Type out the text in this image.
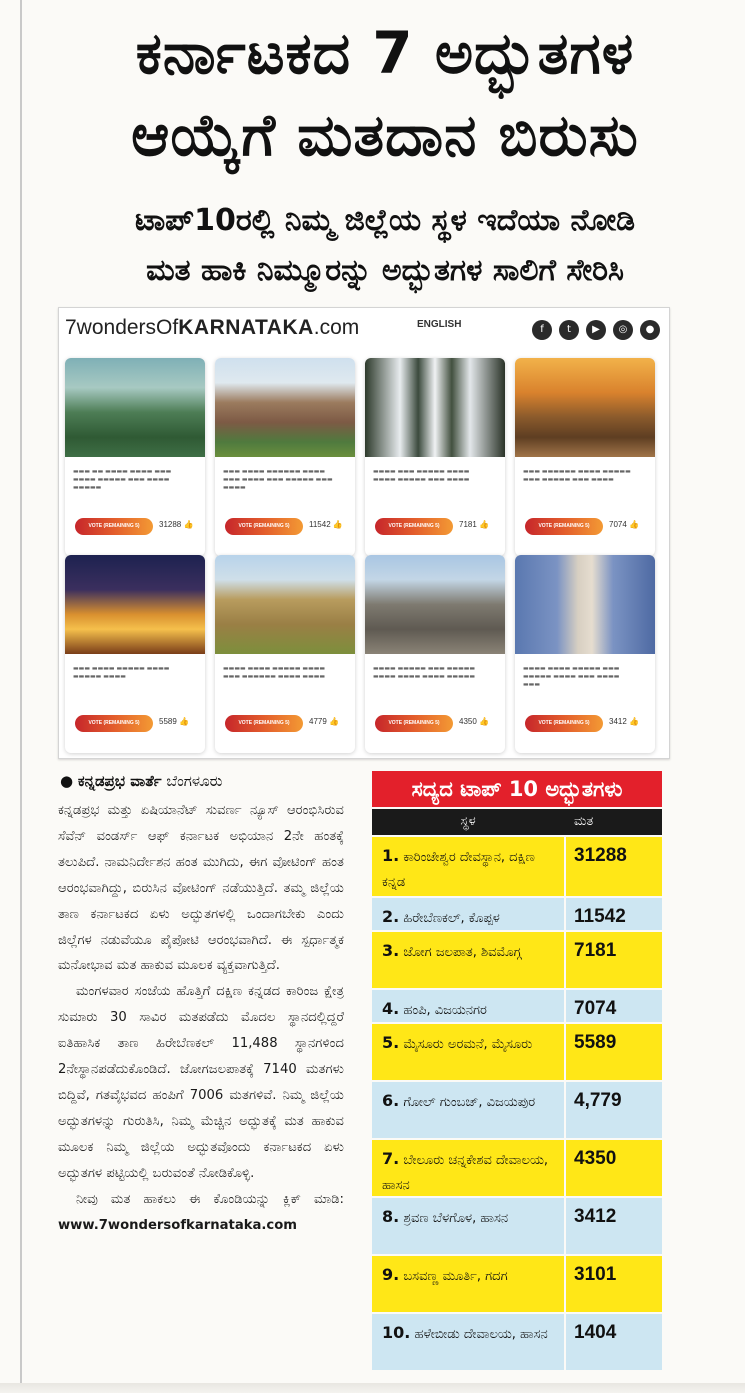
ಕರ್ನಾಟಕದ 7 ಅದ್ಭುತಗಳ
ಆಯ್ಕೆಗೆ ಮತದಾನ ಬಿರುಸು
ಟಾಪ್10ರಲ್ಲಿ ನಿಮ್ಮ ಜಿಲ್ಲೆಯ ಸ್ಥಳ ಇದೆಯಾ ನೋಡಿ
ಮತ ಹಾಕಿ ನಿಮ್ಮೂರನ್ನು ಅದ್ಭುತಗಳ ಸಾಲಿಗೆ ಸೇರಿಸಿ
7wondersOfKARNATAKA.com	ENGLISH	f	t	▶	◎	●
▬▬▬ ▬▬ ▬▬▬▬ ▬▬▬▬ ▬▬▬ ▬▬▬▬ ▬▬▬▬▬ ▬▬▬ ▬▬▬▬ ▬▬▬▬▬
VOTE (REMAINING 5)	31288 👍
▬▬▬ ▬▬▬▬ ▬▬▬▬▬▬ ▬▬▬▬ ▬▬▬ ▬▬▬▬ ▬▬▬ ▬▬▬▬▬ ▬▬▬ ▬▬▬▬
VOTE (REMAINING 5)	11542 👍
▬▬▬▬ ▬▬▬ ▬▬▬▬▬ ▬▬▬▬ ▬▬▬▬ ▬▬▬▬▬ ▬▬▬ ▬▬▬▬
VOTE (REMAINING 5)	7181 👍
▬▬▬ ▬▬▬▬▬▬ ▬▬▬▬ ▬▬▬▬▬ ▬▬▬ ▬▬▬▬▬ ▬▬▬ ▬▬▬▬
VOTE (REMAINING 5)	7074 👍
▬▬▬ ▬▬▬▬ ▬▬▬▬▬ ▬▬▬▬ ▬▬▬▬▬ ▬▬▬▬
VOTE (REMAINING 5)	5589 👍
▬▬▬▬ ▬▬▬▬ ▬▬▬▬▬ ▬▬▬▬ ▬▬▬ ▬▬▬▬▬▬ ▬▬▬▬ ▬▬▬▬
VOTE (REMAINING 5)	4779 👍
▬▬▬▬ ▬▬▬▬▬ ▬▬▬ ▬▬▬▬▬ ▬▬▬▬ ▬▬▬▬ ▬▬▬▬ ▬▬▬▬▬
VOTE (REMAINING 5)	4350 👍
▬▬▬▬ ▬▬▬▬ ▬▬▬▬▬ ▬▬▬ ▬▬▬▬▬ ▬▬▬▬ ▬▬▬ ▬▬▬▬ ▬▬▬
VOTE (REMAINING 5)	3412 👍
● ಕನ್ನಡಪ್ರಭ ವಾರ್ತೆ ಬೆಂಗಳೂರು

ಕನ್ನಡಪ್ರಭ ಮತ್ತು ಏಷಿಯಾನೆಟ್ ಸುವರ್ಣ ನ್ಯೂಸ್ ಆರಂಭಿಸಿರುವ ಸೆವೆನ್ ವಂಡರ್ಸ್ ಆಫ್ ಕರ್ನಾಟಕ ಅಭಿಯಾನ 2ನೇ ಹಂತಕ್ಕೆ ತಲುಪಿದೆ. ನಾಮನಿರ್ದೇಶನ ಹಂತ ಮುಗಿದು, ಈಗ ವೋಟಿಂಗ್ ಹಂತ ಆರಂಭವಾಗಿದ್ದು, ಬಿರುಸಿನ ವೋಟಿಂಗ್ ನಡೆಯುತ್ತಿದೆ. ತಮ್ಮ ಜಿಲ್ಲೆಯ ತಾಣ ಕರ್ನಾಟಕದ ಏಳು ಅದ್ಭುತಗಳಲ್ಲಿ ಒಂದಾಗಬೇಕು ಎಂದು ಜಿಲ್ಲೆಗಳ ನಡುವೆಯೂ ಪೈಪೋಟಿ ಆರಂಭವಾಗಿದೆ. ಈ ಸ್ಪರ್ಧಾತ್ಮಕ ಮನೋಭಾವ ಮತ ಹಾಕುವ ಮೂಲಕ ವ್ಯಕ್ತವಾಗುತ್ತಿದೆ.

ಮಂಗಳವಾರ ಸಂಜೆಯ ಹೊತ್ತಿಗೆ ದಕ್ಷಿಣ ಕನ್ನಡದ ಕಾರಿಂಜ ಕ್ಷೇತ್ರ ಸುಮಾರು 30 ಸಾವಿರ ಮತಪಡೆದು ಮೊದಲ ಸ್ಥಾನದಲ್ಲಿದ್ದರೆ ಐತಿಹಾಸಿಕ ತಾಣ ಹಿರೇಬೆಣಕಲ್ 11,488 ಸ್ಥಾನಗಳಿಂದ 2ನೇಸ್ಥಾನಪಡೆದುಕೊಂಡಿದೆ. ಜೋಗಜಲಪಾತಕ್ಕೆ 7140 ಮತಗಳು ಬಿದ್ದಿವೆ, ಗತವೈಭವದ ಹಂಪಿಗೆ 7006 ಮತಗಳಿವೆ. ನಿಮ್ಮ ಜಿಲ್ಲೆಯ ಅದ್ಭುತಗಳನ್ನು ಗುರುತಿಸಿ, ನಿಮ್ಮ ಮೆಚ್ಚಿನ ಅದ್ಭುತಕ್ಕೆ ಮತ ಹಾಕುವ ಮೂಲಕ ನಿಮ್ಮ ಜಿಲ್ಲೆಯ ಅದ್ಭುತವೊಂದು ಕರ್ನಾಟಕದ ಏಳು ಅದ್ಭುತಗಳ ಪಟ್ಟಿಯಲ್ಲಿ ಬರುವಂತೆ ನೋಡಿಕೊಳ್ಳಿ.

ನೀವು ಮತ ಹಾಕಲು ಈ ಕೊಂಡಿಯನ್ನು ಕ್ಲಿಕ್ ಮಾಡಿ: www.7wondersofkarnataka.com

ಸದ್ಯದ ಟಾಪ್ 10 ಅದ್ಭುತಗಳು
ಸ್ಥಳ	ಮತ
1. ಕಾರಿಂಜೇಶ್ವರ ದೇವಸ್ಥಾನ, ದಕ್ಷಿಣ ಕನ್ನಡ
31288
2. ಹಿರೇಬೆಣಕಲ್, ಕೊಪ್ಪಳ	11542
3. ಜೋಗ ಜಲಪಾತ, ಶಿವಮೊಗ್ಗ	7181
4. ಹಂಪಿ, ವಿಜಯನಗರ	7074
5. ಮೈಸೂರು ಅರಮನೆ, ಮೈಸೂರು	5589
6. ಗೋಲ್ ಗುಂಬಜ್, ವಿಜಯಪುರ	4,779
7. ಬೇಲೂರು ಚನ್ನಕೇಶವ ದೇವಾಲಯ, ಹಾಸನ
4350
8. ಶ್ರವಣ ಬೆಳಗೊಳ, ಹಾಸನ	3412
9. ಬಸವಣ್ಣ ಮೂರ್ತಿ, ಗದಗ	3101
10. ಹಳೇಬೀಡು ದೇವಾಲಯ, ಹಾಸನ	1404
